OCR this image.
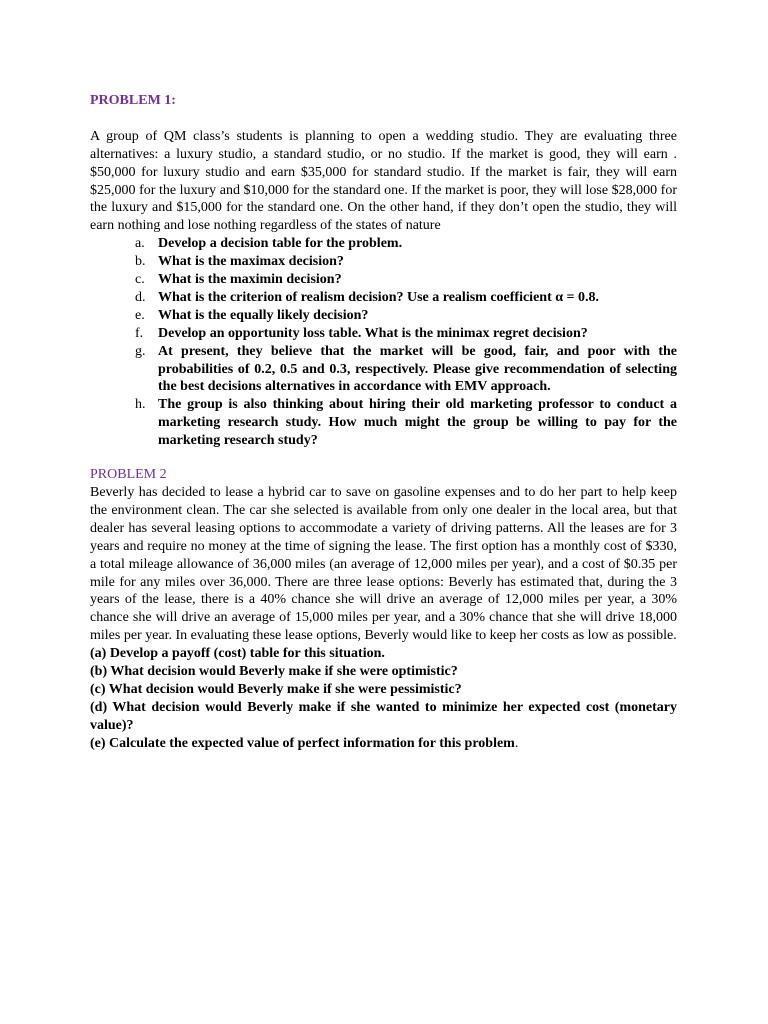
PROBLEM 1:

A group of QM class’s students is planning to open a wedding studio. They are evaluating three alternatives: a luxury studio, a standard studio, or no studio. If the market is good, they will earn . $50,000 for luxury studio and earn $35,000 for standard studio. If the market is fair, they will earn $25,000 for the luxury and $10,000 for the standard one. If the market is poor, they will lose $28,000 for the luxury and $15,000 for the standard one. On the other hand, if they don’t open the studio, they will earn nothing and lose nothing regardless of the states of nature

a. Develop a decision table for the problem.
b. What is the maximax decision?
c. What is the maximin decision?
d. What is the criterion of realism decision? Use a realism coefficient α = 0.8.
e. What is the equally likely decision?
f.	Develop an opportunity loss table. What is the minimax regret decision?
g. At present, they believe that the market will be good, fair, and poor with the probabilities of 0.2, 0.5 and 0.3, respectively. Please give recommendation of selecting the best decisions alternatives in accordance with EMV approach.
h. The group is also thinking about hiring their old marketing professor to conduct a marketing research study. How much might the group be willing to pay for the marketing research study?

PROBLEM 2

Beverly has decided to lease a hybrid car to save on gasoline expenses and to do her part to help keep the environment clean. The car she selected is available from only one dealer in the local area, but that dealer has several leasing options to accommodate a variety of driving patterns. All the leases are for 3 years and require no money at the time of signing the lease. The first option has a monthly cost of $330, a total mileage allowance of 36,000 miles (an average of 12,000 miles per year), and a cost of $0.35 per mile for any miles over 36,000. There are three lease options: Beverly has estimated that, during the 3 years of the lease, there is a 40% chance she will drive an average of 12,000 miles per year, a 30% chance she will drive an average of 15,000 miles per year, and a 30% chance that she will drive 18,000 miles per year. In evaluating these lease options, Beverly would like to keep her costs as low as possible.

(a) Develop a payoff (cost) table for this situation.

(b) What decision would Beverly make if she were optimistic?

(c) What decision would Beverly make if she were pessimistic?

(d) What decision would Beverly make if she wanted to minimize her expected cost (monetary value)?

(e) Calculate the expected value of perfect information for this problem.
